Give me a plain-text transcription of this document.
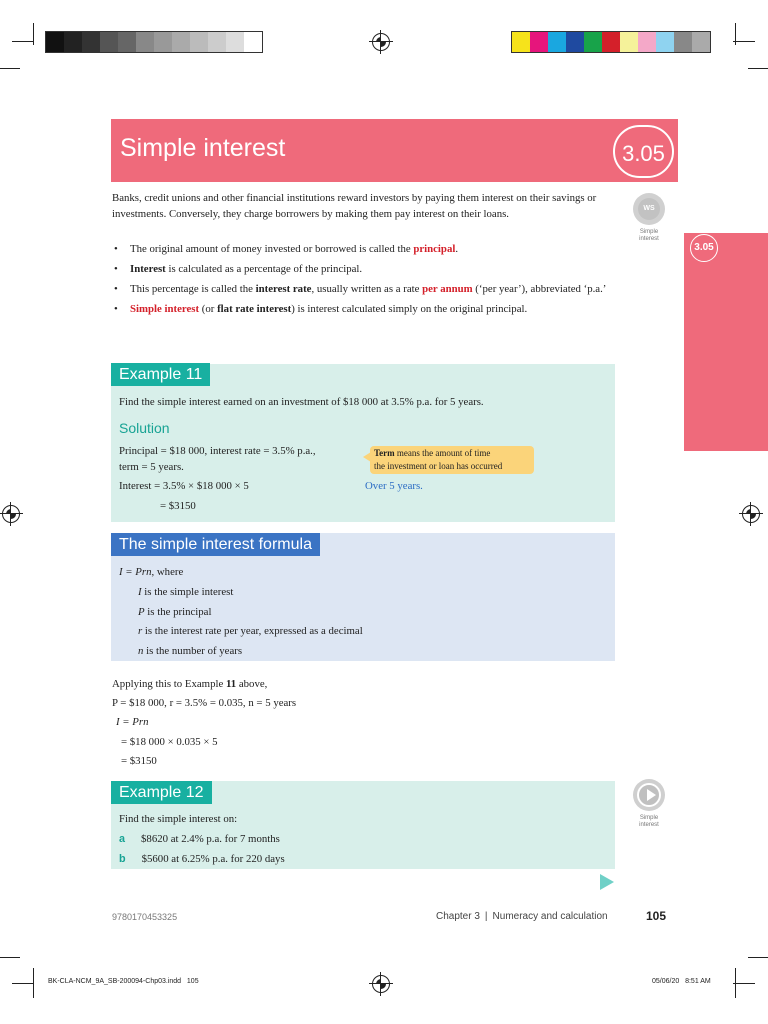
Simple interest	3.05
3.05
WS
Simple
interest
Banks, credit unions and other financial institutions reward investors by paying them interest on their savings or investments. Conversely, they charge borrowers by making them pay interest on their loans.
• The original amount of money invested or borrowed is called the principal.
• Interest is calculated as a percentage of the principal.
• This percentage is called the interest rate, usually written as a rate per annum (‘per year’), abbreviated ‘p.a.’
• Simple interest (or flat rate interest) is interest calculated simply on the original principal.
Example 11
Find the simple interest earned on an investment of $18 000 at 3.5% p.a. for 5 years.
Solution
Principal = $18 000, interest rate = 3.5% p.a.,
term = 5 years.
Interest = 3.5% × $18 000 × 5
= $3150
Term means the amount of time
the investment or loan has occurred
Over 5 years.
The simple interest formula
I = Prn, where
I is the simple interest
P is the principal
r is the interest rate per year, expressed as a decimal
n is the number of years
Applying this to Example 11 above,
P = $18 000, r = 3.5% = 0.035, n = 5 years
I = Prn
= $18 000 × 0.035 × 5
= $3150
Example 12
Find the simple interest on:
a $8620 at 2.4% p.a. for 7 months
b $5600 at 6.25% p.a. for 220 days
Simple
interest
9780170453325	Chapter 3 | Numeracy and calculation	105
BK-CLA-NCM_9A_SB-200094-Chp03.indd   105	05/06/20   8:51 AM
